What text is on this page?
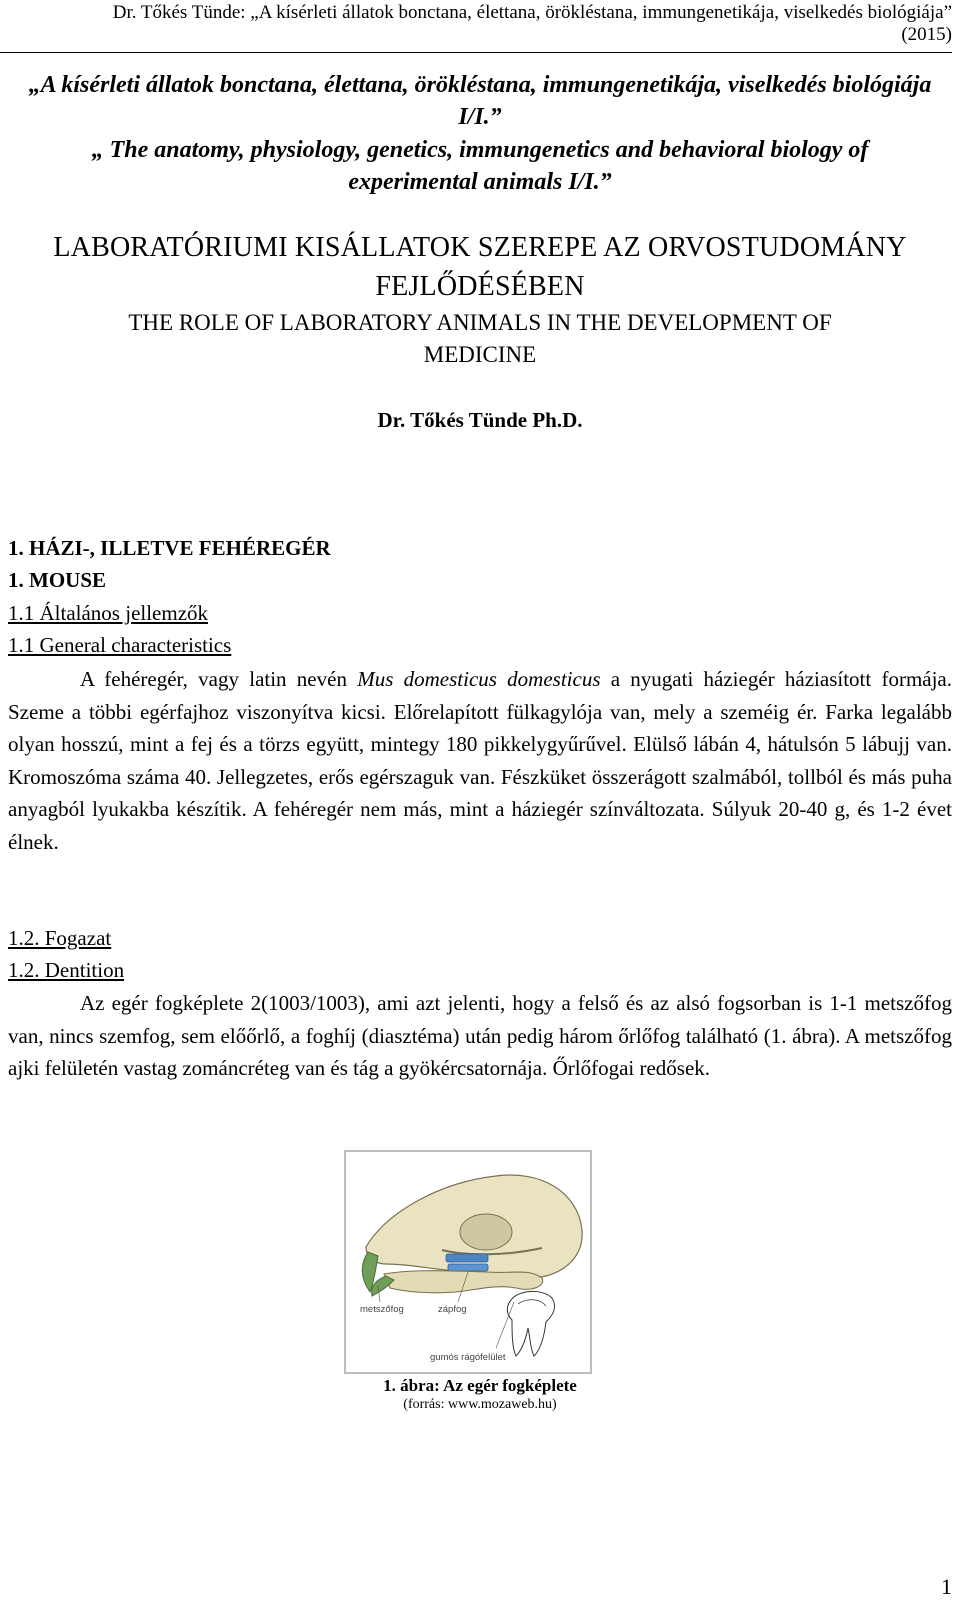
Dr. Tőkés Tünde: „A kísérleti állatok bonctana, élettana, örökléstana, immungenetikája, viselkedés biológiája”
(2015)
„A kísérleti állatok bonctana, élettana, örökléstana, immungenetikája, viselkedés biológiája
I/I.”
„ The anatomy, physiology, genetics, immungenetics and behavioral biology of
experimental animals I/I.”
LABORATÓRIUMI KISÁLLATOK SZEREPE AZ ORVOSTUDOMÁNY
FEJLŐDÉSÉBEN
THE ROLE OF LABORATORY ANIMALS IN THE DEVELOPMENT OF
MEDICINE
Dr. Tőkés Tünde Ph.D.
1. HÁZI-, ILLETVE FEHÉREGÉR
1. MOUSE
1.1 Általános jellemzők
1.1 General characteristics
A fehéregér, vagy latin nevén Mus domesticus domesticus a nyugati háziegér háziasított formája. Szeme a többi egérfajhoz viszonyítva kicsi. Előrelapított fülkagylója van, mely a szeméig ér. Farka legalább olyan hosszú, mint a fej és a törzs együtt, mintegy 180 pikkelygyűrűvel. Elülső lábán 4, hátulsón 5 lábujj van. Kromoszóma száma 40. Jellegzetes, erős egérszaguk van. Fészküket összerágott szalmából, tollból és más puha anyagból lyukakba készítik. A fehéregér nem más, mint a háziegér színváltozata. Súlyuk 20-40 g, és 1-2 évet élnek.
1.2. Fogazat
1.2. Dentition
Az egér fogképlete 2(1003/1003), ami azt jelenti, hogy a felső és az alsó fogsorban is 1-1 metszőfog van, nincs szemfog, sem előőrlő, a foghíj (diasztéma) után pedig három őrlőfog található (1. ábra). A metszőfog ajki felületén vastag zománcréteg van és tág a gyökércsatornája. Őrlőfogai redősek.
metszőfog	zápfog
gumós rágófelület
1. ábra: Az egér fogképlete
(forrás: www.mozaweb.hu)
1
